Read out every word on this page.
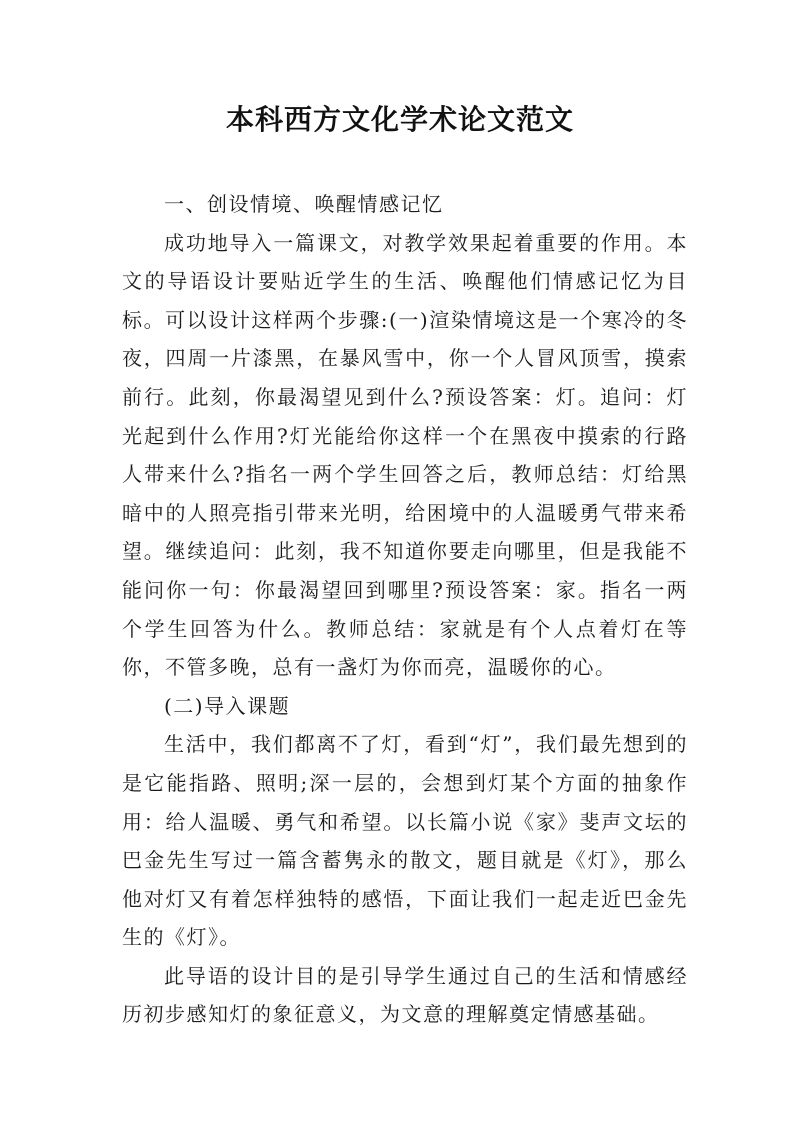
本科西方文化学术论文范文

一、创设情境、唤醒情感记忆

成功地导入一篇课文，对教学效果起着重要的作用。本文的导语设计要贴近学生的生活、唤醒他们情感记忆为目标。可以设计这样两个步骤:(一)渲染情境这是一个寒冷的冬夜，四周一片漆黑，在暴风雪中，你一个人冒风顶雪，摸索前行。此刻，你最渴望见到什么?预设答案：灯。追问：灯光起到什么作用?灯光能给你这样一个在黑夜中摸索的行路人带来什么?指名一两个学生回答之后，教师总结：灯给黑暗中的人照亮指引带来光明，给困境中的人温暖勇气带来希望。继续追问：此刻，我不知道你要走向哪里，但是我能不能问你一句：你最渴望回到哪里?预设答案：家。指名一两个学生回答为什么。教师总结：家就是有个人点着灯在等你，不管多晚，总有一盏灯为你而亮，温暖你的心。

(二)导入课题

生活中，我们都离不了灯，看到“灯”，我们最先想到的是它能指路、照明;深一层的，会想到灯某个方面的抽象作用：给人温暖、勇气和希望。以长篇小说《家》斐声文坛的巴金先生写过一篇含蓄隽永的散文，题目就是《灯》，那么他对灯又有着怎样独特的感悟，下面让我们一起走近巴金先生的《灯》。

此导语的设计目的是引导学生通过自己的生活和情感经历初步感知灯的象征意义，为文意的理解奠定情感基础。
